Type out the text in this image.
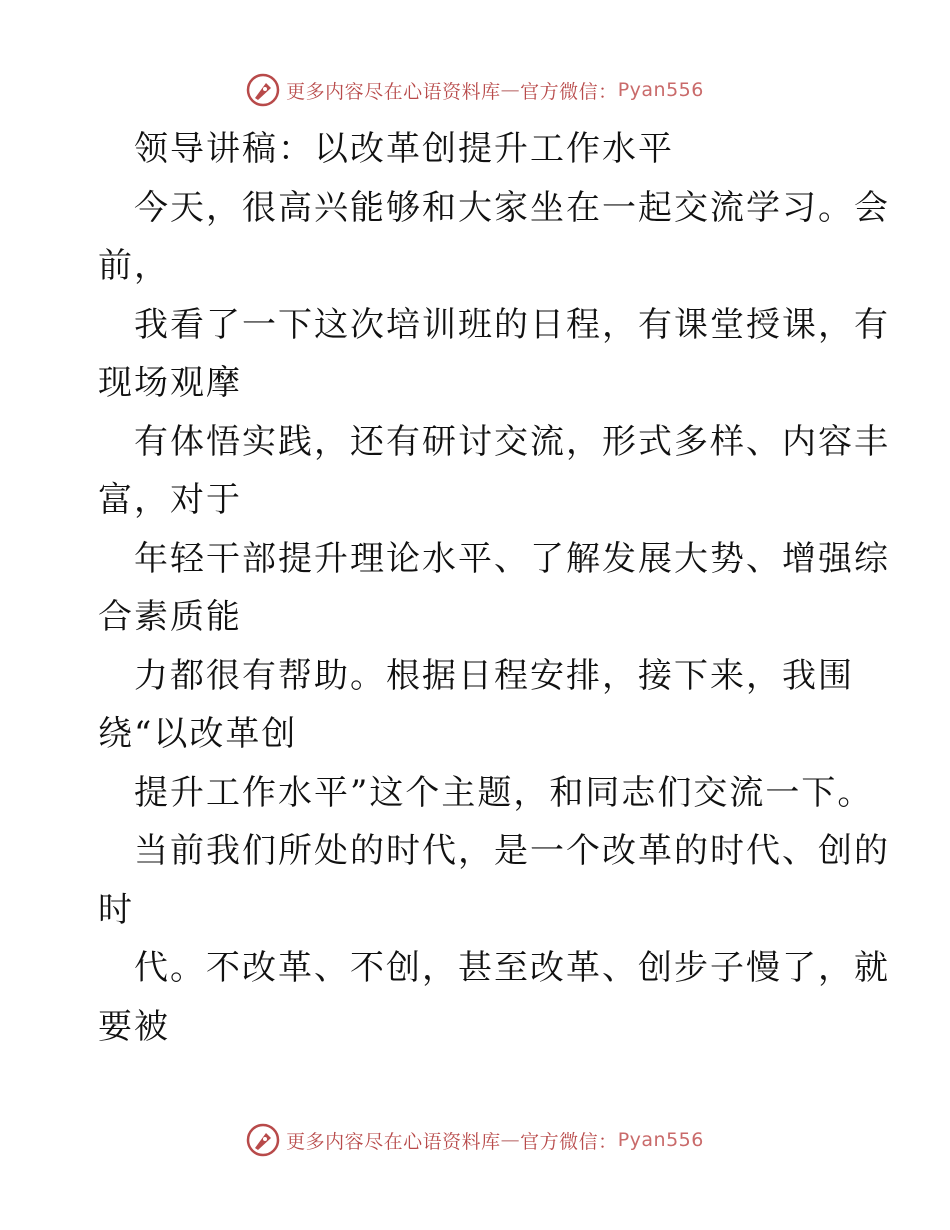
更多内容尽在心语资料库 — 官方微信： Pyan556
领导讲稿：以改革创提升工作水平
今天，很高兴能够和大家坐在一起交流学习。会
前，
我看了一下这次培训班的日程，有课堂授课，有
现场观摩
有体悟实践，还有研讨交流，形式多样、内容丰
富，对于
年轻干部提升理论水平、了解发展大势、增强综
合素质能
力都很有帮助。根据日程安排，接下来，我围
绕“以改革创
提升工作水平”这个主题，和同志们交流一下。
当前我们所处的时代，是一个改革的时代、创的
时
代。不改革、不创，甚至改革、创步子慢了，就
要被
更多内容尽在心语资料库 — 官方微信： Pyan556
